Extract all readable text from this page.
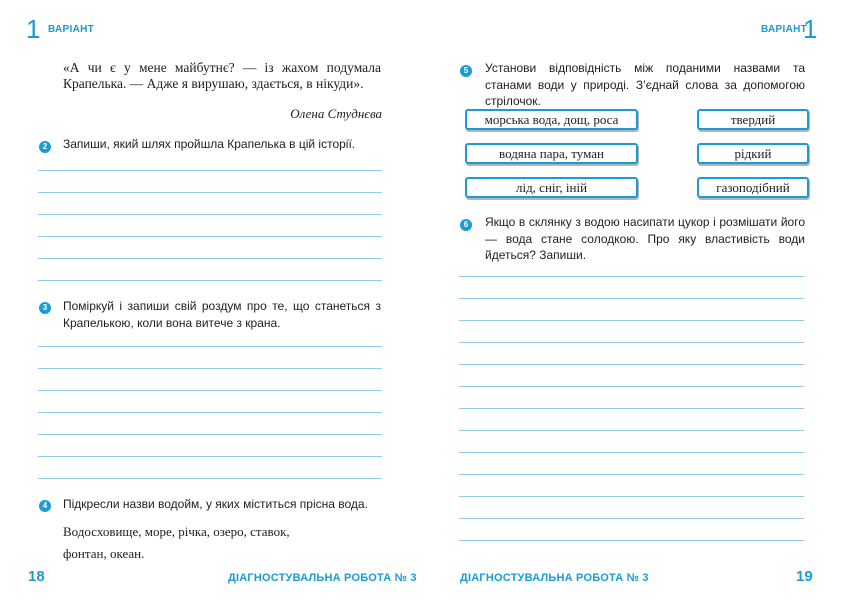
1 ВАРІАНТ	ВАРІАНТ
1
«А чи є у мене майбутнє? — із жахом подумала Крапелька. — Адже я вирушаю, здається, в нікуди».
Олена Студнєва
2	Запиши, який шлях пройшла Крапелька в цій історії.
3	Поміркуй і запиши свій роздум про те, що станеться з Крапелькою, коли вона витече з крана.
4	Підкресли назви водойм, у яких міститься прісна вода.
Водосховище, море, річка, озеро, ставок, фонтан, океан.
18	ДІАГНОСТУВАЛЬНА РОБОТА № 3
5	Установи відповідність між поданими назвами та станами води у природі. З’єднай слова за допомогою стрілочок.
морська вода, дощ, роса
водяна пара, туман
лід, сніг, іній
твердий
рідкий
газоподібний
6	Якщо в склянку з водою насипати цукор і розмішати його — вода стане солодкою. Про яку властивість води йдеться? Запиши.
ДІАГНОСТУВАЛЬНА РОБОТА № 3	19
